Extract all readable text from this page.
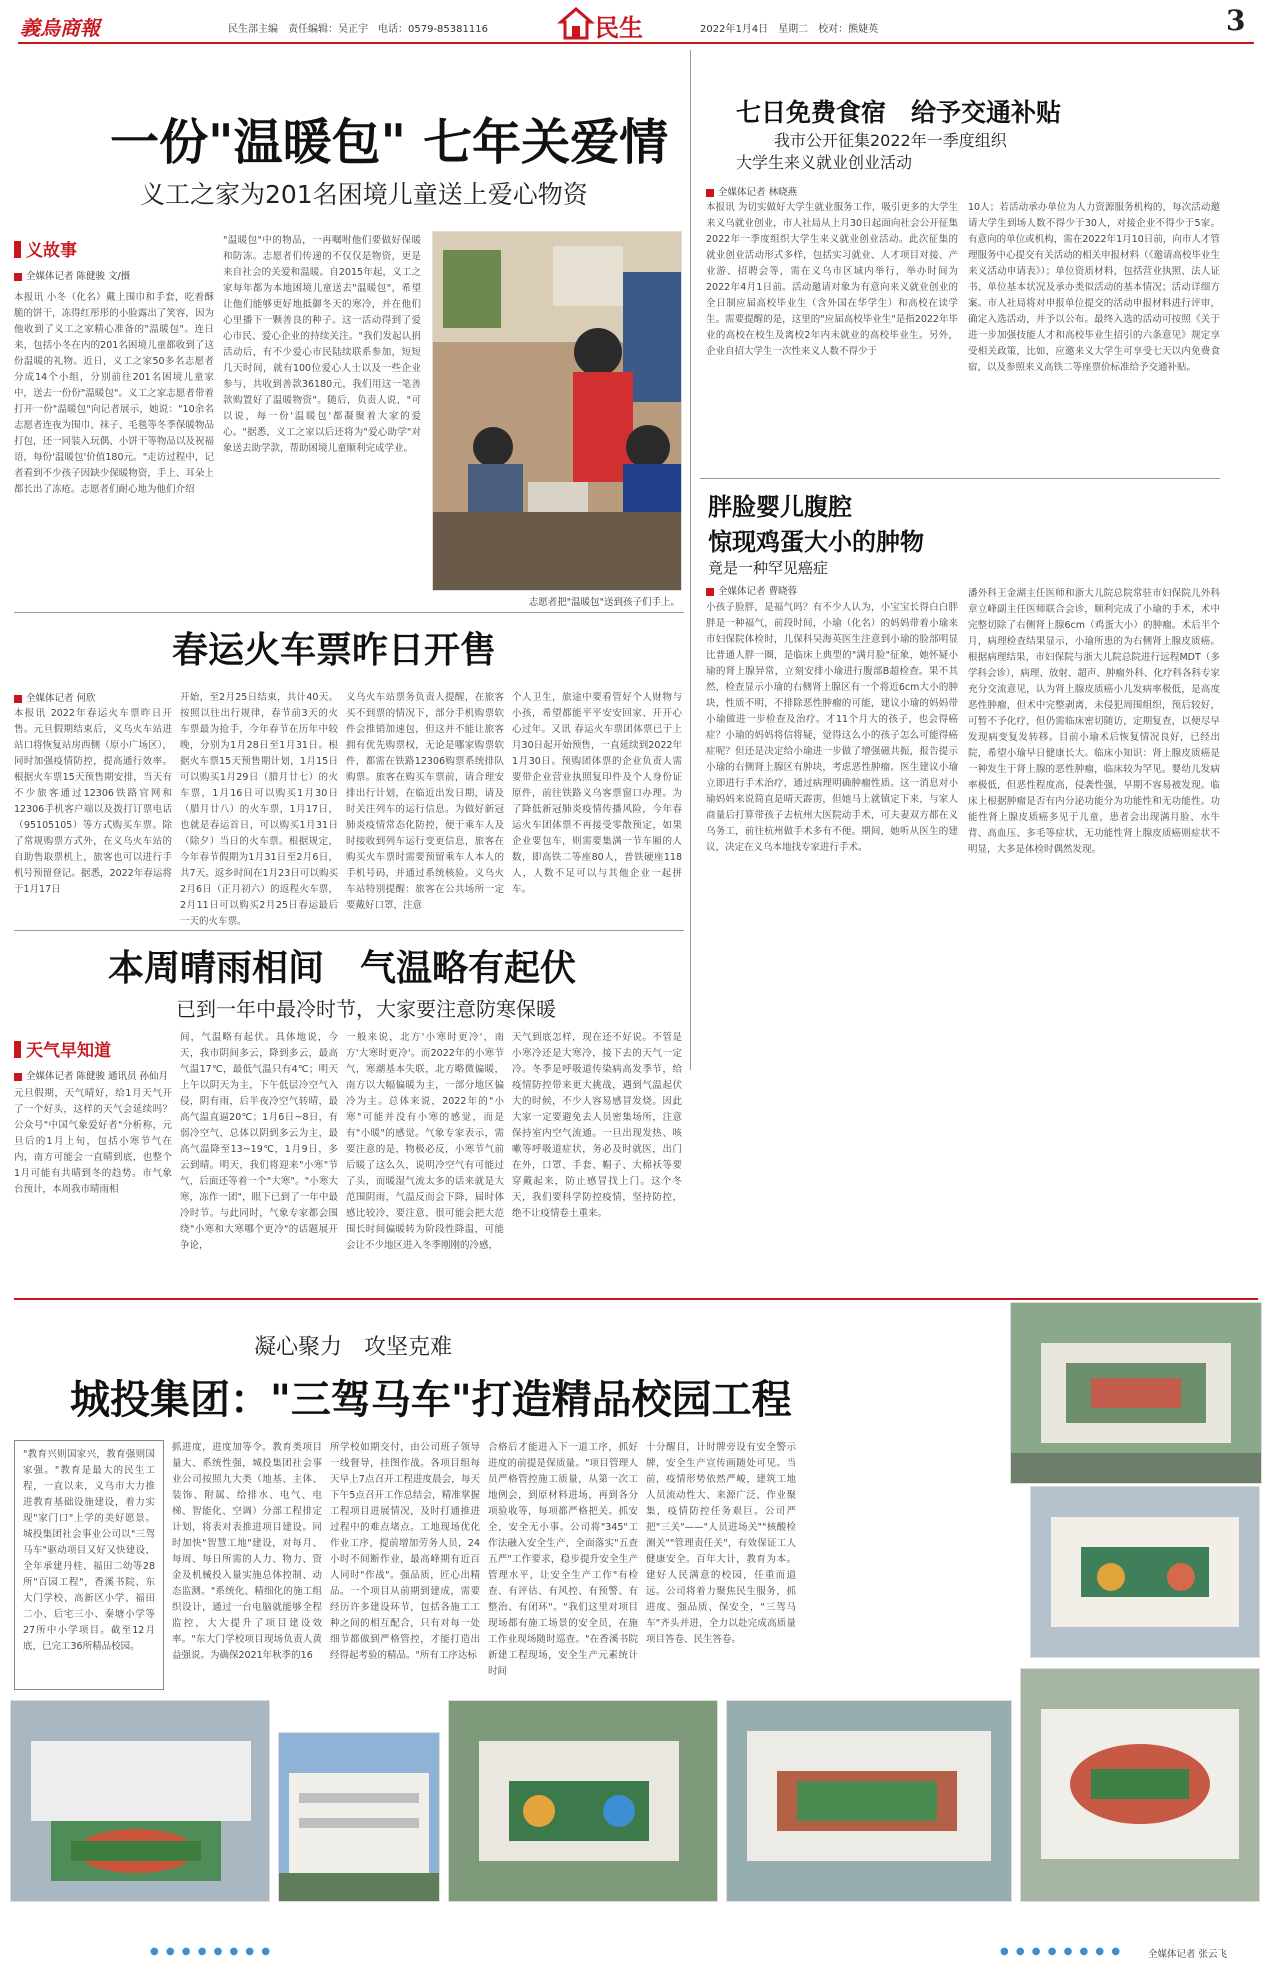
義烏商報	民生部主编　责任编辑：吴正宇　电话：0579-85381116	民生	2022年1月4日　星期二　校对：熊婕英	3
一份"温暖包" 七年关爱情
义工之家为201名困境儿童送上爱心物资
义故事
全媒体记者 陈健骏 文/摄
本报讯 小冬（化名）戴上围巾和手套，吃着酥脆的饼干，冻得红彤彤的小脸露出了笑容，因为他收到了义工之家精心准备的"温暖包"。连日来，包括小冬在内的201名困境儿童都收到了这份温暖的礼物。近日，义工之家50多名志愿者分成14个小组，分别前往201名困境儿童家中，送去一份份"温暖包"。义工之家志愿者带着打开一份"温暖包"向记者展示，她说："10余名志愿者连夜为围巾、袜子、毛毯等冬季保暖物品打包，还一同装入玩偶、小饼干等物品以及祝福语，每份'温暖包'价值180元。"走访过程中，记者看到不少孩子因缺少保暖物资，手上、耳朵上都长出了冻疮。志愿者们耐心地为他们介绍
"温暖包"中的物品，一再嘱咐他们要做好保暖和防冻。志愿者们传递的不仅仅是物资，更是来自社会的关爱和温暖。自2015年起，义工之家每年都为本地困境儿童送去"温暖包"，希望让他们能够更好地抵御冬天的寒冷，并在他们心里播下一颗善良的种子。这一活动得到了爱心市民、爱心企业的持续关注。"我们发起认捐活动后，有不少爱心市民陆续联系参加，短短几天时间，就有100位爱心人士以及一些企业参与，共收到善款36180元，我们用这一笔善款购置好了温暖物资"。随后，负责人说，"可以说，每一份'温暖包'都凝聚着大家的爱心。"据悉，义工之家以后还将为"爱心助学"对象送去助学款，帮助困境儿童顺利完成学业。
志愿者把"温暖包"送到孩子们手上。
七日免费食宿　给予交通补贴
我市公开征集2022年一季度组织
大学生来义就业创业活动
全媒体记者 林晓燕
本报讯 为切实做好大学生就业服务工作，吸引更多的大学生来义乌就业创业，市人社局从上月30日起面向社会公开征集2022年一季度组织大学生来义就业创业活动。此次征集的就业创业活动形式多样，包括实习就业、人才项目对接、产业游、招聘会等，需在义乌市区域内举行，举办时间为2022年4月1日前。活动邀请对象为有意向来义就业创业的全日制应届高校毕业生（含外国在华学生）和高校在读学生。需要提醒的是，这里的"应届高校毕业生"是指2022年毕业的高校在校生及离校2年内未就业的高校毕业生。另外，企业自招大学生一次性来义人数不得少于
10人；若活动承办单位为人力资源服务机构的，每次活动邀请大学生到场人数不得少于30人，对接企业不得少于5家。有意向的单位或机构，需在2022年1月10日前，向市人才管理服务中心提交有关活动的相关申报材料（《邀请高校毕业生来义活动申请表》）；单位资质材料，包括营业执照、法人证书、单位基本状况及承办类似活动的基本情况；活动详细方案。市人社局将对申报单位提交的活动申报材料进行评审，确定入选活动，并予以公布。最终入选的活动可按照《关于进一步加强技能人才和高校毕业生招引的六条意见》规定享受相关政策，比如，应邀来义大学生可享受七天以内免费食宿，以及参照来义高铁二等座票价标准给予交通补贴。
胖脸婴儿腹腔
惊现鸡蛋大小的肿物
竟是一种罕见癌症
全媒体记者 曹晓蓉
小孩子脸胖，是福气吗？有不少人认为，小宝宝长得白白胖胖是一种福气，前段时间，小瑜（化名）的妈妈带着小瑜来市妇保院体检时，儿保科吴海英医生注意到小瑜的脸部明显比普通人胖一圈，是临床上典型的"满月脸"征象，她怀疑小瑜的肾上腺异常，立刻安排小瑜进行腹部B超检查。果不其然，检查显示小瑜的右侧肾上腺区有一个将近6cm大小的肿块，性质不明，不排除恶性肿瘤的可能，建议小瑜的妈妈带小瑜做进一步检查及治疗。才11个月大的孩子，也会得癌症？小瑜的妈妈将信将疑，觉得这么小的孩子怎么可能得癌症呢？但还是决定给小瑜进一步做了增强磁共振，报告提示小瑜的右侧肾上腺区有肿块，考虑恶性肿瘤。医生建议小瑜立即进行手术治疗，通过病理明确肿瘤性质。这一消息对小瑜妈妈来说简直是晴天霹雳，但她马上就镇定下来，与家人商量后打算带孩子去杭州大医院动手术，可夫妻双方都在义乌务工，前往杭州做手术多有不便。期间，她听从医生的建议，决定在义乌本地找专家进行手术。
潘外科王金湖主任医师和浙大儿院总院常驻市妇保院儿外科章立峰副主任医师联合会诊，顺利完成了小瑜的手术，术中完整切除了右侧肾上腺6cm（鸡蛋大小）的肿瘤。术后半个月，病理检查结果显示，小瑜所患的为右侧肾上腺皮质癌。根据病理结果，市妇保院与浙大儿院总院进行远程MDT（多学科会诊），病理、放射、超声、肿瘤外科、化疗科各科专家充分交流意见，认为肾上腺皮质癌小儿发病率极低，是高度恶性肿瘤，但术中完整剥离，未侵犯周围组织，预后较好，可暂不予化疗，但仍需临床密切随访，定期复查，以便尽早发现病变复发转移。目前小瑜术后恢复情况良好，已经出院，希望小瑜早日健康长大。临床小知识：肾上腺皮质癌是一种发生于肾上腺的恶性肿瘤，临床较为罕见。婴幼儿发病率极低，但恶性程度高，侵袭性强，早期不容易被发现。临床上根据肿瘤是否有内分泌功能分为功能性和无功能性。功能性肾上腺皮质癌多见于儿童，患者会出现满月脸、水牛背、高血压、多毛等症状，无功能性肾上腺皮质癌则症状不明显，大多是体检时偶然发现。
春运火车票昨日开售
全媒体记者 何欣
本报讯 2022年春运火车票昨日开售。元旦假期结束后，义乌火车站进站口将恢复站房西侧（原小广场区），同时加强疫情防控，提高通行效率。根据火车票15天预售期安排，当天有不少旅客通过12306铁路官网和12306手机客户端以及拨打订票电话（95105105）等方式购买车票。除了常规购票方式外，在义乌火车站的自助售取票机上，旅客也可以进行手机号预留登记。据悉，2022年春运将于1月17日
开始，至2月25日结束，共计40天。按照以往出行规律，春节前3天的火车票最为抢手，今年春节在历年中较晚，分别为1月28日至1月31日。根据火车票15天预售期计划，1月15日可以购买1月29日（腊月廿七）的火车票，1月16日可以购买1月30日（腊月廿八）的火车票，1月17日，也就是春运首日，可以购买1月31日（除夕）当日的火车票。根据规定，今年春节假期为1月31日至2月6日，共7天。返乡时间在1月23日可以购买2月6日（正月初六）的返程火车票，2月11日可以购买2月25日春运最后一天的火车票。
义乌火车站票务负责人提醒，在旅客买不到票的情况下，部分手机购票软件会推销加速包，但这并不能让旅客拥有优先购票权，无论是哪家购票软件，都需在铁路12306购票系统排队购票。旅客在购买车票前，请合理安排出行计划，在临近出发日期，请及时关注列车的运行信息。为做好新冠肺炎疫情常态化防控，便于乘车人及时接收到列车运行变更信息，旅客在购买火车票时需要预留乘车人本人的手机号码，并通过系统核验。义乌火车站特别提醒：旅客在公共场所一定要戴好口罩，注意
个人卫生，旅途中要看管好个人财物与小孩，希望都能平平安安回家、开开心心过年。又讯 春运火车票团体票已于上月30日起开始预售，一直延续到2022年1月30日。预购团体票的企业负责人需要带企业营业执照复印件及个人身份证原件，前往铁路义乌客票窗口办理。为了降低新冠肺炎疫情传播风险，今年春运火车团体票不再接受零散预定，如果企业要包车，则需要集满一节车厢的人数，即高铁二等座80人，普铁硬座118人，人数不足可以与其他企业一起拼车。
本周晴雨相间　气温略有起伏
已到一年中最冷时节，大家要注意防寒保暖
天气早知道
全媒体记者 陈健骏 通讯员 孙仙月
元旦假期，天气晴好，给1月天气开了一个好头，这样的天气会延续吗？公众号"中国气象爱好者"分析称，元旦后的1月上旬，包括小寒节气在内，南方可能会一直晴到底，也整个1月可能有共晴到冬的趋势。市气象台预计，本周我市晴雨相
间，气温略有起伏。具体地说，今天，我市阴间多云，降到多云，最高气温17℃，最低气温只有4℃；明天上午以阴天为主，下午低层冷空气入侵，阴有雨，后半夜冷空气转晴，最高气温直逼20℃；1月6日~8日，有弱冷空气，总体以阴到多云为主，最高气温降至13~19℃，1月9日，多云到晴。明天，我们将迎来"小寒"节气，后面还等着一个"大寒"。"小寒大寒，冻作一团"，眼下已到了一年中最冷时节。与此同时，气象专家都会围绕"小寒和大寒哪个更冷"的话题展开争论，
一般来说，北方'小寒时更冷'，南方'大寒时更冷'。而2022年的小寒节气，寒潮基本失联，北方略微偏暖，南方以大幅偏暖为主，一部分地区偏冷为主。总体来说，2022年的"小寒"可能并没有小寒的感觉，而是有"小暖"的感觉。气象专家表示，需要注意的是，物极必反，小寒节气前后暖了这么久，说明冷空气有可能过了头，而暖湿气流太多的话来就是大范围阴雨，气温反而会下降，届时体感比较冷，要注意，很可能会把大范围长时间偏暖转为阶段性降温，可能会让不少地区进入冬季刚刚的冷感，
天气到底怎样，现在还不好说。不管是小寒冷还是大寒冷，接下去的天气一定冷。冬季是呼吸道传染病高发季节，给疫情防控带来更大挑战，遇到气温起伏大的时候，不少人容易感冒发烧。因此大家一定要避免去人员密集场所，注意保持室内空气流通。一旦出现发热、咳嗽等呼吸道症状，务必及时就医，出门在外，口罩、手套、帽子、大棉袄等要穿戴起来，防止感冒找上门。这个冬天，我们要科学防控疫情，坚持防控，绝不让疫情卷土重来。
凝心聚力　攻坚克难
城投集团："三驾马车"打造精品校园工程
"教育兴则国家兴，教育强则国家强。"教育是最大的民生工程，一直以来，义乌市大力推进教育基础设施建设，着力实现"家门口"上学的美好愿景。城投集团社会事业公司以"三驾马车"驱动项目又好又快建设，全年承建丹桂、福田二幼等28所"百园工程"，香溪书院、东大门学校、高新区小学、福田二小、后宅三小、秦塘小学等27所中小学项目。截至12月底，已完工36所精品校园。
抓进度，进度加等令。教育类项目量大、系统性强，城投集团社会事业公司按照九大类（地基、主体、装饰、附属、给排水、电气、电梯、智能化、空调）分部工程排定计划，将表对表推进项目建设。同时加快"智慧工地"建设，对每月、每周、每日所需的人力、物力、资金及机械投入量实施总体控制、动态监测。"系统化、精细化的施工组织设计，通过一台电脑就能够全程监控，大大提升了项目建设效率。"东大门学校项目现场负责人黄益强说。为确保2021年秋季的16
所学校如期交付，由公司班子领导一线督导，挂图作战。各项目组每天早上7点召开工程进度晨会，每天下午5点召开工作总结会，精准掌握工程项目进展情况，及时打通推进过程中的难点堵点。工地现场优化作业工序，提前增加劳务人员，24小时不间断作业，最高峰期有近百人同时"作战"。强品质，匠心出精品。一个项目从前期到建成，需要经历许多建设环节，包括各施工工种之间的相互配合，只有对每一处细节都做到严格管控，才能打造出经得起考验的精品。"所有工序达标
合格后才能进入下一道工序，抓好进度的前提是保质量。"项目管理人员严格管控施工质量，从第一次工地例会，到原材料进场，再到各分项验收等，每项都严格把关。抓安全，安全无小事。公司将"345"工作法融入安全生产，全面落实"五查五严"工作要求，稳步提升安全生产管理水平，让安全生产工作"有检查、有评估、有风控、有预警、有整治、有闭环"。"我们这里对项目现场都有施工场景的安全员，在施工作业现场随时巡查。"在香溪书院新建工程现场，安全生产元素统计时间
十分醒目，计时牌旁设有安全警示牌，安全生产宣传画随处可见。当前，疫情形势依然严峻，建筑工地人员流动性大、来源广泛、作业聚集，疫情防控任务艰巨。公司严把"三关"——"人员进场关""核酸检测关""管理责任关"，有效保证工人健康安全。百年大计，教育为本。建好人民满意的校园，任重而道远。公司将着力聚焦民生服务，抓进度、强品质、保安全，"三驾马车"齐头并进，全力以赴完成高质量项目答卷、民生答卷。
全媒体记者 张云飞
● ● ● ● ● ● ● ●	● ● ● ● ● ● ● ●
